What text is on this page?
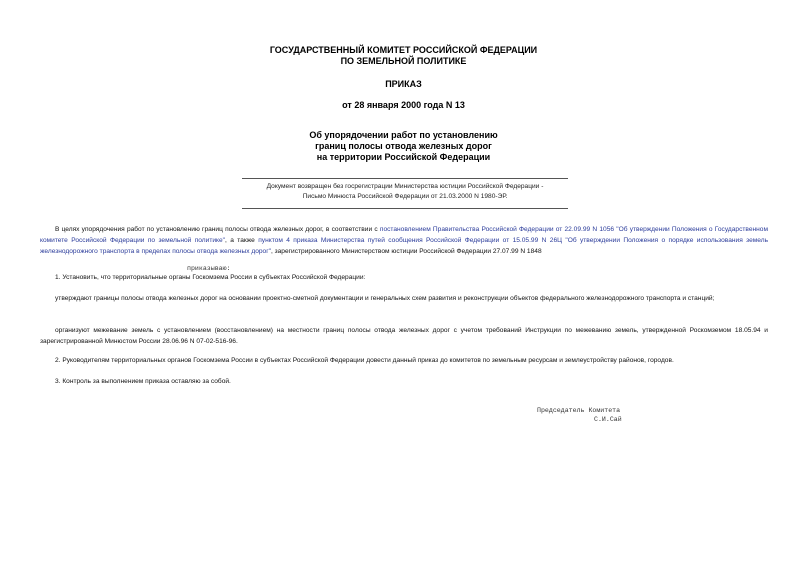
ГОСУДАРСТВЕННЫЙ КОМИТЕТ РОССИЙСКОЙ ФЕДЕРАЦИИ
ПО ЗЕМЕЛЬНОЙ ПОЛИТИКЕ
ПРИКАЗ
от 28 января 2000 года N 13
Об упорядочении работ по установлению
границ полосы отвода железных дорог
на территории Российской Федерации
Документ возвращен без госрегистрации Министерства юстиции Российской Федерации -
Письмо Минюста Российской Федерации от 21.03.2000 N 1980-ЭР.
В целях упорядочения работ по установлению границ полосы отвода железных дорог, в соответствии с постановлением Правительства Российской Федерации от 22.09.99 N 1056 "Об утверждении Положения о Государственном комитете Российской Федерации по земельной политике", а также пунктом 4 приказа Министерства путей сообщения Российской Федерации от 15.05.99 N 26Ц "Об утверждении Положения о порядке использования земель железнодорожного транспорта в пределах полосы отвода железных дорог", зарегистрированного Министерством юстиции Российской Федерации 27.07.99 N 1848
приказываю:
1. Установить, что территориальные органы Госкомзема России в субъектах Российской Федерации:
утверждают границы полосы отвода железных дорог на основании проектно-сметной документации и генеральных схем развития и реконструкции объектов федерального железнодорожного транспорта и станций;
организуют межевание земель с установлением (восстановлением) на местности границ полосы отвода железных дорог с учетом требований Инструкции по межеванию земель, утвержденной Роскомземом 18.05.94 и зарегистрированной Минюстом России 28.06.96 N 07-02-516-96.
2. Руководителям территориальных органов Госкомзема России в субъектах Российской Федерации довести данный приказ до комитетов по земельным ресурсам и землеустройству районов, городов.
3. Контроль за выполнением приказа оставляю за собой.
Председатель Комитета
С.И.Сай
